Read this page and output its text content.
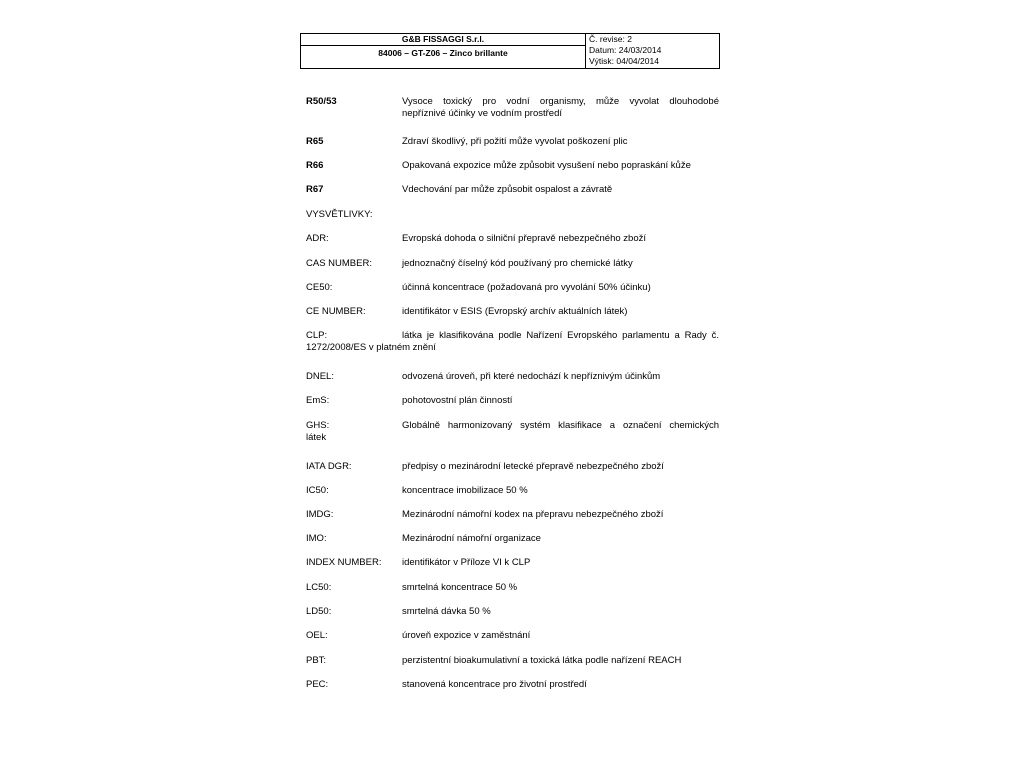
G&B FISSAGGI S.r.l.
84006 – GT-Z06 – Zinco brillante
Č. revise: 2
Datum: 24/03/2014
Výtisk: 04/04/2014
R50/53	Vysoce toxický pro vodní organismy, může vyvolat dlouhodobé
nepříznivé účinky ve vodním prostředí
R65	Zdraví škodlivý, při požití může vyvolat poškození plic
R66	Opakovaná expozice může způsobit vysušení nebo popraskání kůže
R67	Vdechování par může způsobit ospalost a závratě
VYSVĚTLIVKY:
ADR:	Evropská dohoda o silniční přepravě nebezpečného zboží
CAS NUMBER:	jednoznačný číselný kód používaný pro chemické látky
CE50:	účinná koncentrace (požadovaná pro vyvolání 50% účinku)
CE NUMBER:	identifikátor v ESIS (Evropský archív aktuálních látek)
CLP:	látka je klasifikována podle Nařízení Evropského parlamentu a Rady č.
1272/2008/ES v platném znění
DNEL:	odvozená úroveň, při které nedochází k nepříznivým účinkům
EmS:	pohotovostní plán činností
GHS:	Globálně harmonizovaný systém klasifikace a označení chemických
látek
IATA DGR:	předpisy o mezinárodní letecké přepravě nebezpečného zboží
IC50:	koncentrace imobilizace 50 %
IMDG:	Mezinárodní námořní kodex na přepravu nebezpečného zboží
IMO:	Mezinárodní námořní organizace
INDEX NUMBER: identifikátor v Příloze VI k CLP
LC50:	smrtelná koncentrace 50 %
LD50:	smrtelná dávka 50 %
OEL:	úroveň expozice v zaměstnání
PBT:	perzistentní bioakumulativní a toxická látka podle nařízení REACH
PEC:	stanovená koncentrace pro životní prostředí
